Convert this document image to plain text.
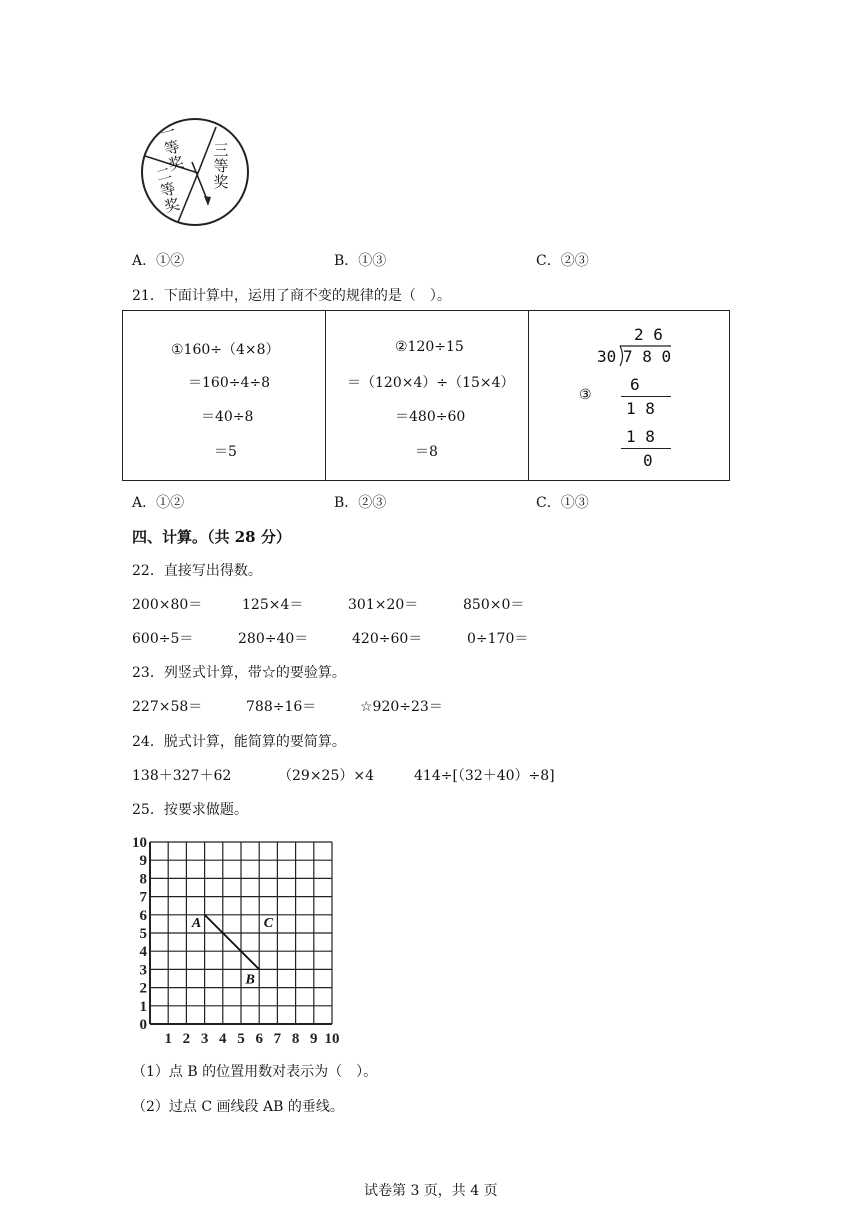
一
等
奖
二
等
奖
三
等
奖
A．①②	B．①③	C．②③
21．下面计算中，运用了商不变的规律的是（　）。
①160÷（4×8）
＝160÷4÷8
＝40÷8
＝5
②120÷15
＝（120×4）÷（15×4）
＝480÷60
＝8
③
2 6
30 7 8 0
6
1 8
1 8
0
A．①②	B．②③	C．①③
四、计算。（共 28 分）
22．直接写出得数。
200×80＝	125×4＝	301×20＝	850×0＝
600÷5＝	280÷40＝	420÷60＝	0÷170＝
23．列竖式计算，带☆的要验算。
227×58＝	788÷16＝	☆920÷23＝
24．脱式计算，能简算的要简算。
138＋327＋62	（29×25）×4	414÷[（32＋40）÷8]
25．按要求做题。
1 2 3 4 5 6 7 8 9 10
10
9
8
7
6
5
4
3
2
1
0
A
B
C
（1）点 B 的位置用数对表示为（　）。
（2）过点 C 画线段 AB 的垂线。
试卷第 3 页，共 4 页
